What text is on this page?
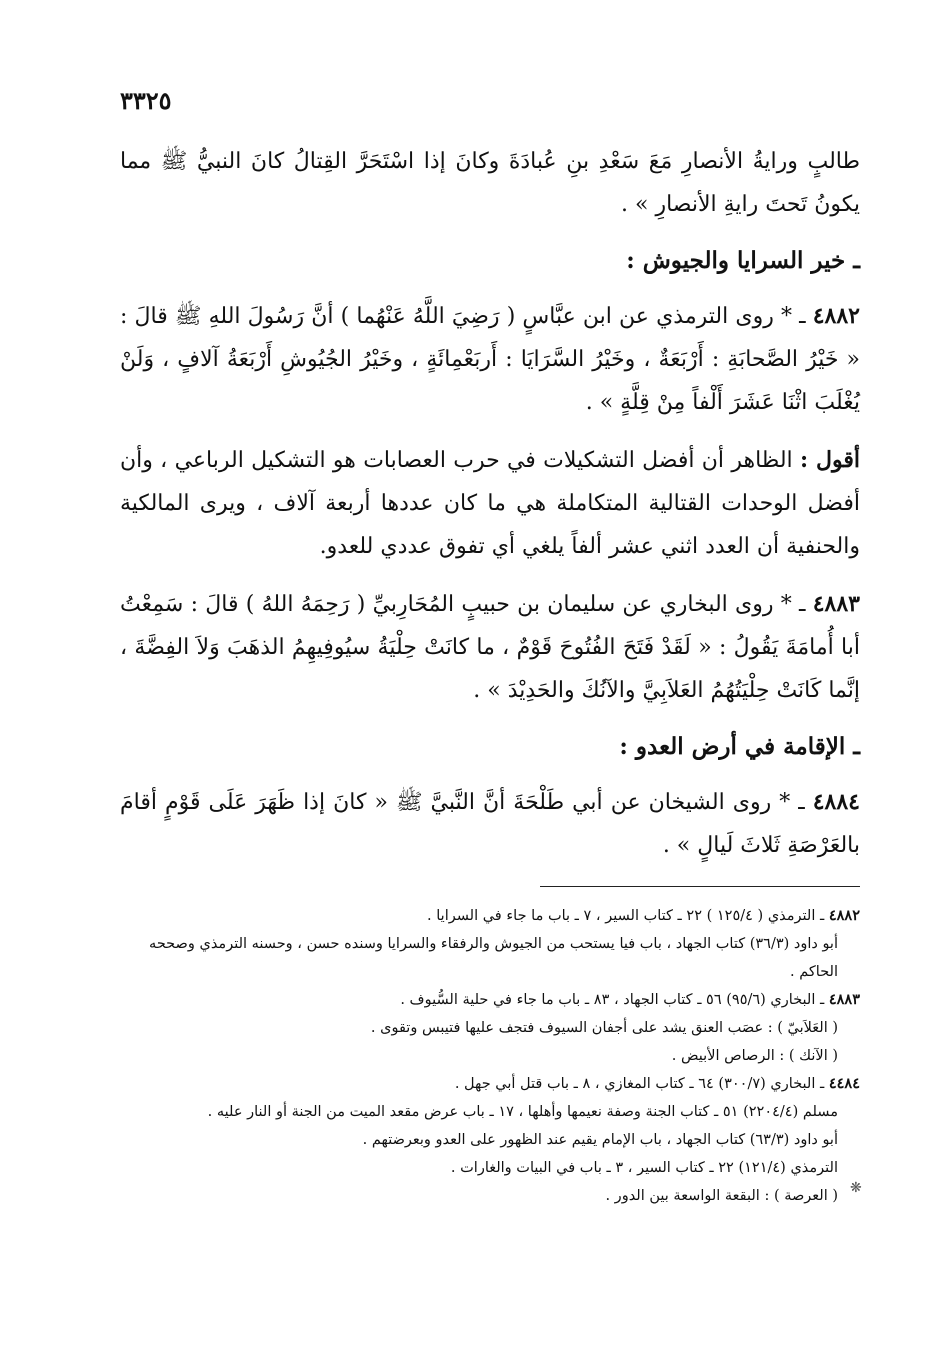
٣٣٢٥

طالبٍ ورايةُ الأنصارِ مَعَ سَعْدِ بنِ عُبادَةَ وكانَ إذا اسْتَحَرَّ القِتالُ كانَ النبيُّ ﷺ مما يكونُ تَحتَ رايةِ الأنصارِ » .

ـ خير السرايا والجيوش :

٤٨٨٢ ـ * روى الترمذي عن ابن عبَّاسٍ ( رَضِيَ اللَّهُ عَنْهُما ) أنَّ رَسُولَ اللهِ ﷺ قالَ : « خَيْرُ الصَّحابَةِ : أَرْبَعَةٌ ، وخَيْرُ السَّرَايَا : أَربَعْمِائَةٍ ، وخَيْرُ الجُيُوشِ أَرْبَعَةُ آلافٍ ، وَلَنْ يُغْلَبَ اثْنَا عَشَرَ أَلْفاً مِنْ قِلَّةٍ » .

أقول : الظاهر أن أفضل التشكيلات في حرب العصابات هو التشكيل الرباعي ، وأن أفضل الوحدات القتالية المتكاملة هي ما كان عددها أربعة آلاف ، ويرى المالكية والحنفية أن العدد اثني عشر ألفاً يلغي أي تفوق عددي للعدو.

٤٨٨٣ ـ * روى البخاري عن سليمان بن حبيبٍ المُحَارِبيِّ ( رَحِمَهُ اللهُ ) قالَ : سَمِعْتُ أبا أُمامَةَ يَقُولُ : « لَقَدْ فَتَحَ الفُتُوحَ قَوْمٌ ، ما كانَتْ حِلْيَةُ سيُوفِيهِمُ الذهَبَ وَلاَ الفِضَّةَ ، إنَّما كَانَتْ حِلْيَتُهُمُ العَلاَبِيَّ والآنُكَ والحَدِيْدَ » .

ـ الإقامة في أرض العدو :

٤٨٨٤ ـ * روى الشيخان عن أبي طَلْحَةَ أنَّ النَّبيَّ ﷺ « كانَ إذا ظَهَرَ عَلَى قَوْمٍ أقامَ بالعَرْصَةِ ثَلاثَ لَيالٍ » .

٤٨٨٢ ـ الترمذي ( ١٢٥/٤ ) ٢٢ ـ كتاب السير ، ٧ ـ باب ما جاء في السرايا .

أبو داود (٣٦/٣) كتاب الجهاد ، باب فيا يستحب من الجيوش والرفقاء والسرايا وسنده حسن ، وحسنه الترمذي وصححه الحاكم .

٤٨٨٣ ـ البخاري (٩٥/٦) ٥٦ ـ كتاب الجهاد ، ٨٣ ـ باب ما جاء في حلية السُّيوف .

( العَلاَبيّ ) : عصَب العنق يشد على أجفان السيوف فتجف عليها فتيبس وتقوى .

( الآنك ) : الرصاص الأبيض .

٤٤٨٤ ـ البخاري (٣٠٠/٧) ٦٤ ـ كتاب المغازي ، ٨ ـ باب قتل أبي جهل .

مسلم (٢٢٠٤/٤) ٥١ ـ كتاب الجنة وصفة نعيمها وأهلها ، ١٧ ـ باب عرض مقعد الميت من الجنة أو النار عليه .

أبو داود (٦٣/٣) كتاب الجهاد ، باب الإمام يقيم عند الظهور على العدو وبعرضتهم .

الترمذي (١٢١/٤) ٢٢ ـ كتاب السير ، ٣ ـ باب في البيات والغارات .

( العرصة ) : البقعة الواسعة بين الدور . ❋
